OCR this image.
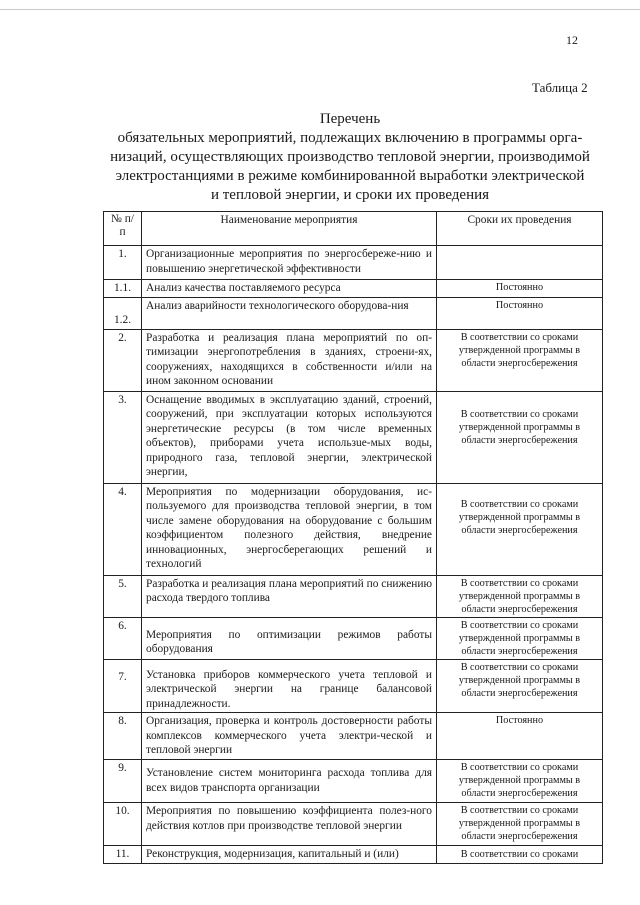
12
Таблица 2
Перечень
обязательных мероприятий, подлежащих включению в программы орга-
низаций, осуществляющих производство тепловой энергии, производимой
электростанциями в режиме комбинированной выработки электрической
и тепловой энергии, и сроки их проведения
№ п/п	Наименование мероприятия	Сроки их проведения
1.	Организационные мероприятия по энергосбереже-нию и повышению энергетической эффективности	
1.1.	Анализ качества поставляемого ресурса	Постоянно
1.2.	Анализ аварийности технологического оборудова-ния	Постоянно
2.	Разработка и реализация плана мероприятий по оп-тимизации энергопотребления в зданиях, строени-ях, сооружениях, находящихся в собственности и/или на ином законном основании	В соответствии со сроками утвержденной программы в области энергосбережения
3.	Оснащение вводимых в эксплуатацию зданий, строений, сооружений, при эксплуатации которых используются энергетические ресурсы (в том числе временных объектов), приборами учета использue-мых воды, природного газа, тепловой энергии, электрической энергии,	В соответствии со сроками утвержденной программы в области энергосбережения
4.	Мероприятия по модернизации оборудования, ис-пользуемого для производства тепловой энергии, в том числе замене оборудования на оборудование с большим коэффициентом полезного действия, внедрение инновационных, энергосберегающих решений и технологий	В соответствии со сроками утвержденной программы в области энергосбережения
5.	Разработка и реализация плана мероприятий по снижению расхода твердого топлива	В соответствии со сроками утвержденной программы в области энергосбережения
6.	Мероприятия по оптимизации режимов работы оборудования	В соответствии со сроками утвержденной программы в области энергосбережения
7.	Установка приборов коммерческого учета тепловой и электрической энергии на границе балансовой принадлежности.	В соответствии со сроками утвержденной программы в области энергосбережения
8.	Организация, проверка и контроль достоверности работы комплексов коммерческого учета электри-ческой и тепловой энергии	Постоянно
9.	Установление систем мониторинга расхода топлива для всех видов транспорта организации	В соответствии со сроками утвержденной программы в области энергосбережения
10.	Мероприятия по повышению коэффициента полез-ного действия котлов при производстве тепловой энергии	В соответствии со сроками утвержденной программы в области энергосбережения
11.	Реконструкция, модернизация, капитальный и (или)	В соответствии со сроками
